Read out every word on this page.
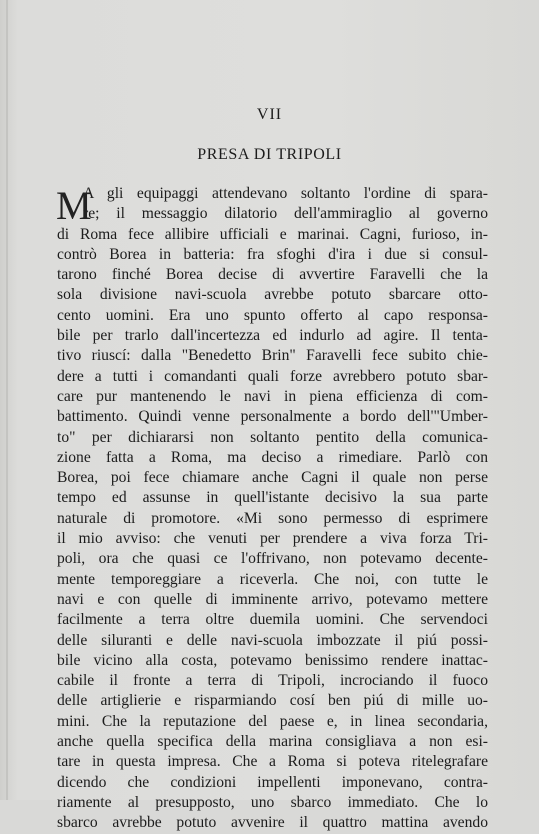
VII
PRESA DI TRIPOLI
M
A gli equipaggi attendevano soltanto l'ordine di spara-
re; il messaggio dilatorio dell'ammiraglio al governo
di Roma fece allibire ufficiali e marinai. Cagni, furioso, in-
contrò Borea in batteria: fra sfoghi d'ira i due si consul-
tarono finché Borea decise di avvertire Faravelli che la
sola divisione navi-scuola avrebbe potuto sbarcare otto-
cento uomini. Era uno spunto offerto al capo responsa-
bile per trarlo dall'incertezza ed indurlo ad agire. Il tenta-
tivo riuscí: dalla "Benedetto Brin" Faravelli fece subito chie-
dere a tutti i comandanti quali forze avrebbero potuto sbar-
care pur mantenendo le navi in piena efficienza di com-
battimento. Quindi venne personalmente a bordo dell'"Umber-
to" per dichiararsi non soltanto pentito della comunica-
zione fatta a Roma, ma deciso a rimediare. Parlò con
Borea, poi fece chiamare anche Cagni il quale non perse
tempo ed assunse in quell'istante decisivo la sua parte
naturale di promotore. «Mi sono permesso di esprimere
il mio avviso: che venuti per prendere a viva forza Tri-
poli, ora che quasi ce l'offrivano, non potevamo decente-
mente temporeggiare a riceverla. Che noi, con tutte le
navi e con quelle di imminente arrivo, potevamo mettere
facilmente a terra oltre duemila uomini. Che servendoci
delle siluranti e delle navi-scuola imbozzate il piú possi-
bile vicino alla costa, potevamo benissimo rendere inattac-
cabile il fronte a terra di Tripoli, incrociando il fuoco
delle artiglierie e risparmiando cosí ben piú di mille uo-
mini. Che la reputazione del paese e, in linea secondaria,
anche quella specifica della marina consigliava a non esi-
tare in questa impresa. Che a Roma si poteva ritelegrafare
dicendo che condizioni impellenti imponevano, contra-
riamente al presupposto, uno sbarco immediato. Che lo
sbarco avrebbe potuto avvenire il quattro mattina avendo
